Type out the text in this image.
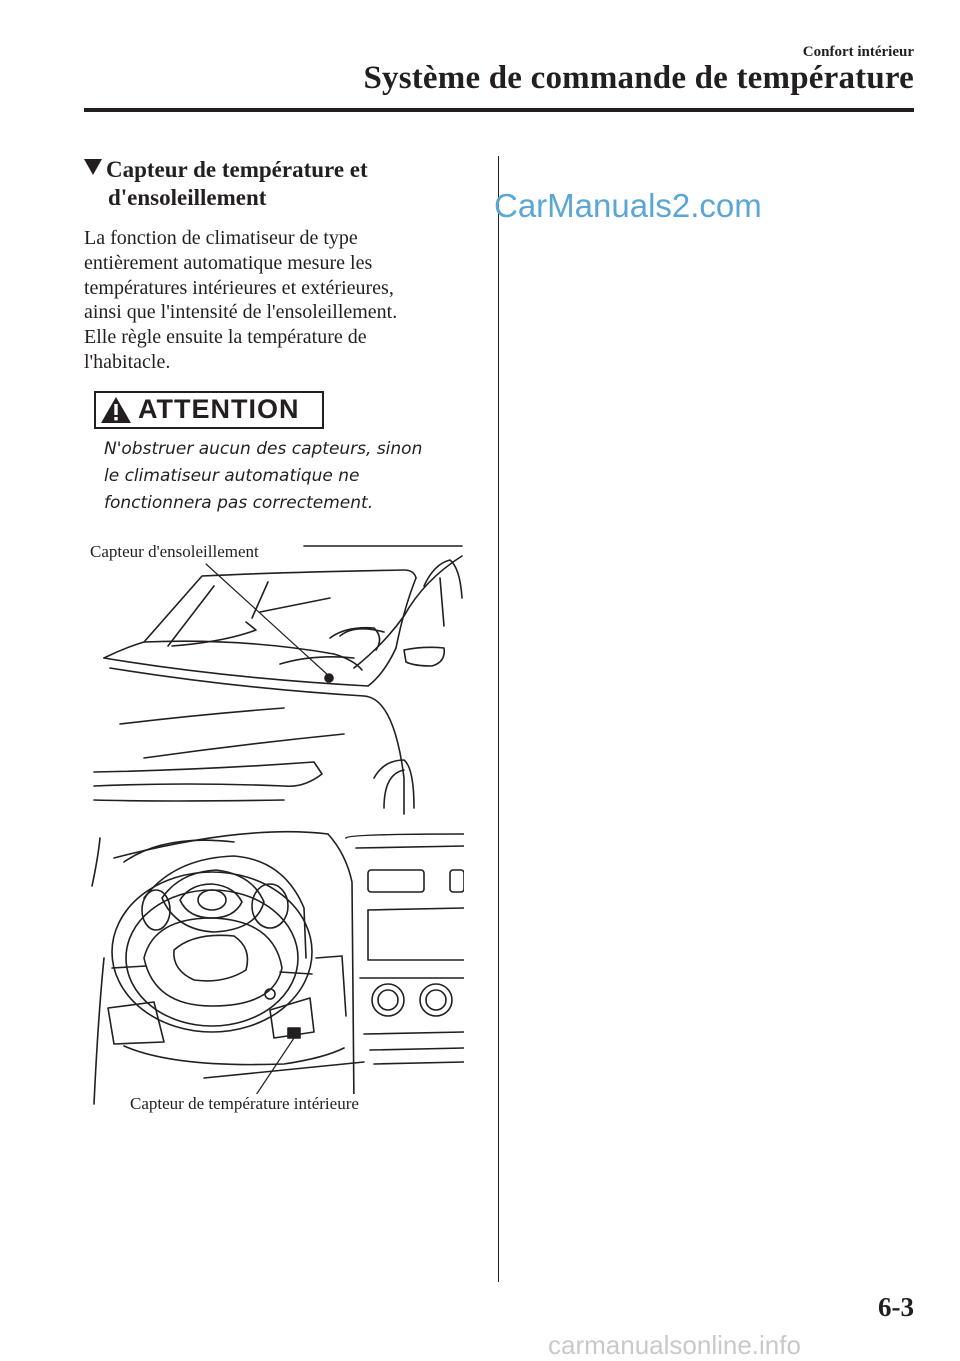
Confort intérieur
Système de commande de température
Capteur de température et
d'ensoleillement
La fonction de climatiseur de type
entièrement automatique mesure les
températures intérieures et extérieures,
ainsi que l'intensité de l'ensoleillement.
Elle règle ensuite la température de
l'habitacle.
CarManuals2.com
ATTENTION
N'obstruer aucun des capteurs, sinon
le climatiseur automatique ne
fonctionnera pas correctement.
Capteur d'ensoleillement
Capteur de température intérieure
6-3
carmanualsonline.info
